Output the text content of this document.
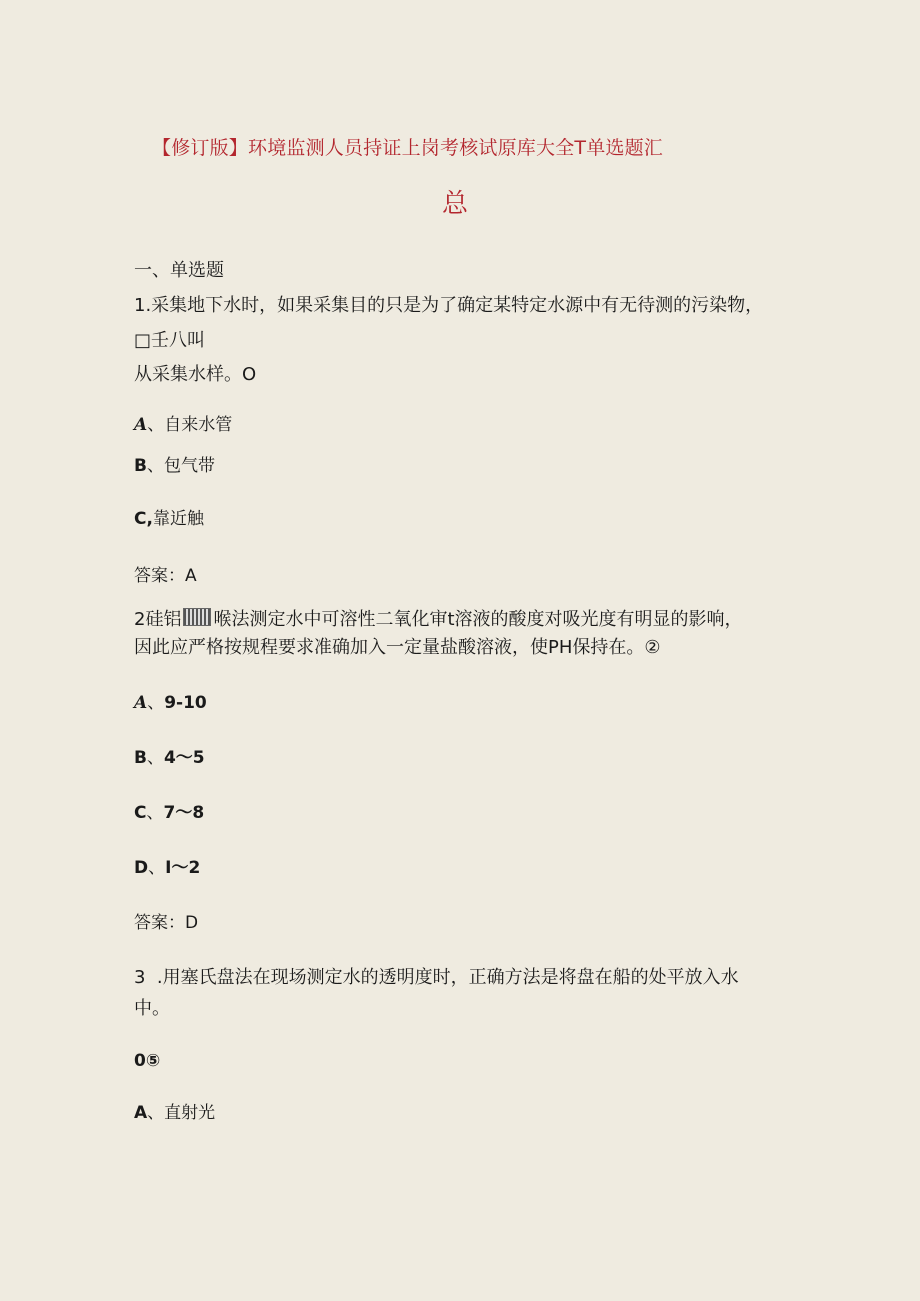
【修订版】环境监测人员持证上岗考核试原库大全T单选题汇
总
一、单选题
1.采集地下水时，如果采集目的只是为了确定某特定水源中有无待测的污染物，
□壬八叫
从采集水样。O
A、自来水管
B、包气带
C,靠近触
答案：A
2硅铝 喉法测定水中可溶性二氧化审t溶液的酸度对吸光度有明显的影响，
因此应严格按规程要求准确加入一定量盐酸溶液，使PH保持在。②
A、9-10
B、4〜5
C、7〜8
D、I〜2
答案：D
3  .用塞氏盘法在现场测定水的透明度时，正确方法是将盘在船的处平放入水
中。
0⑤
A、直射光
